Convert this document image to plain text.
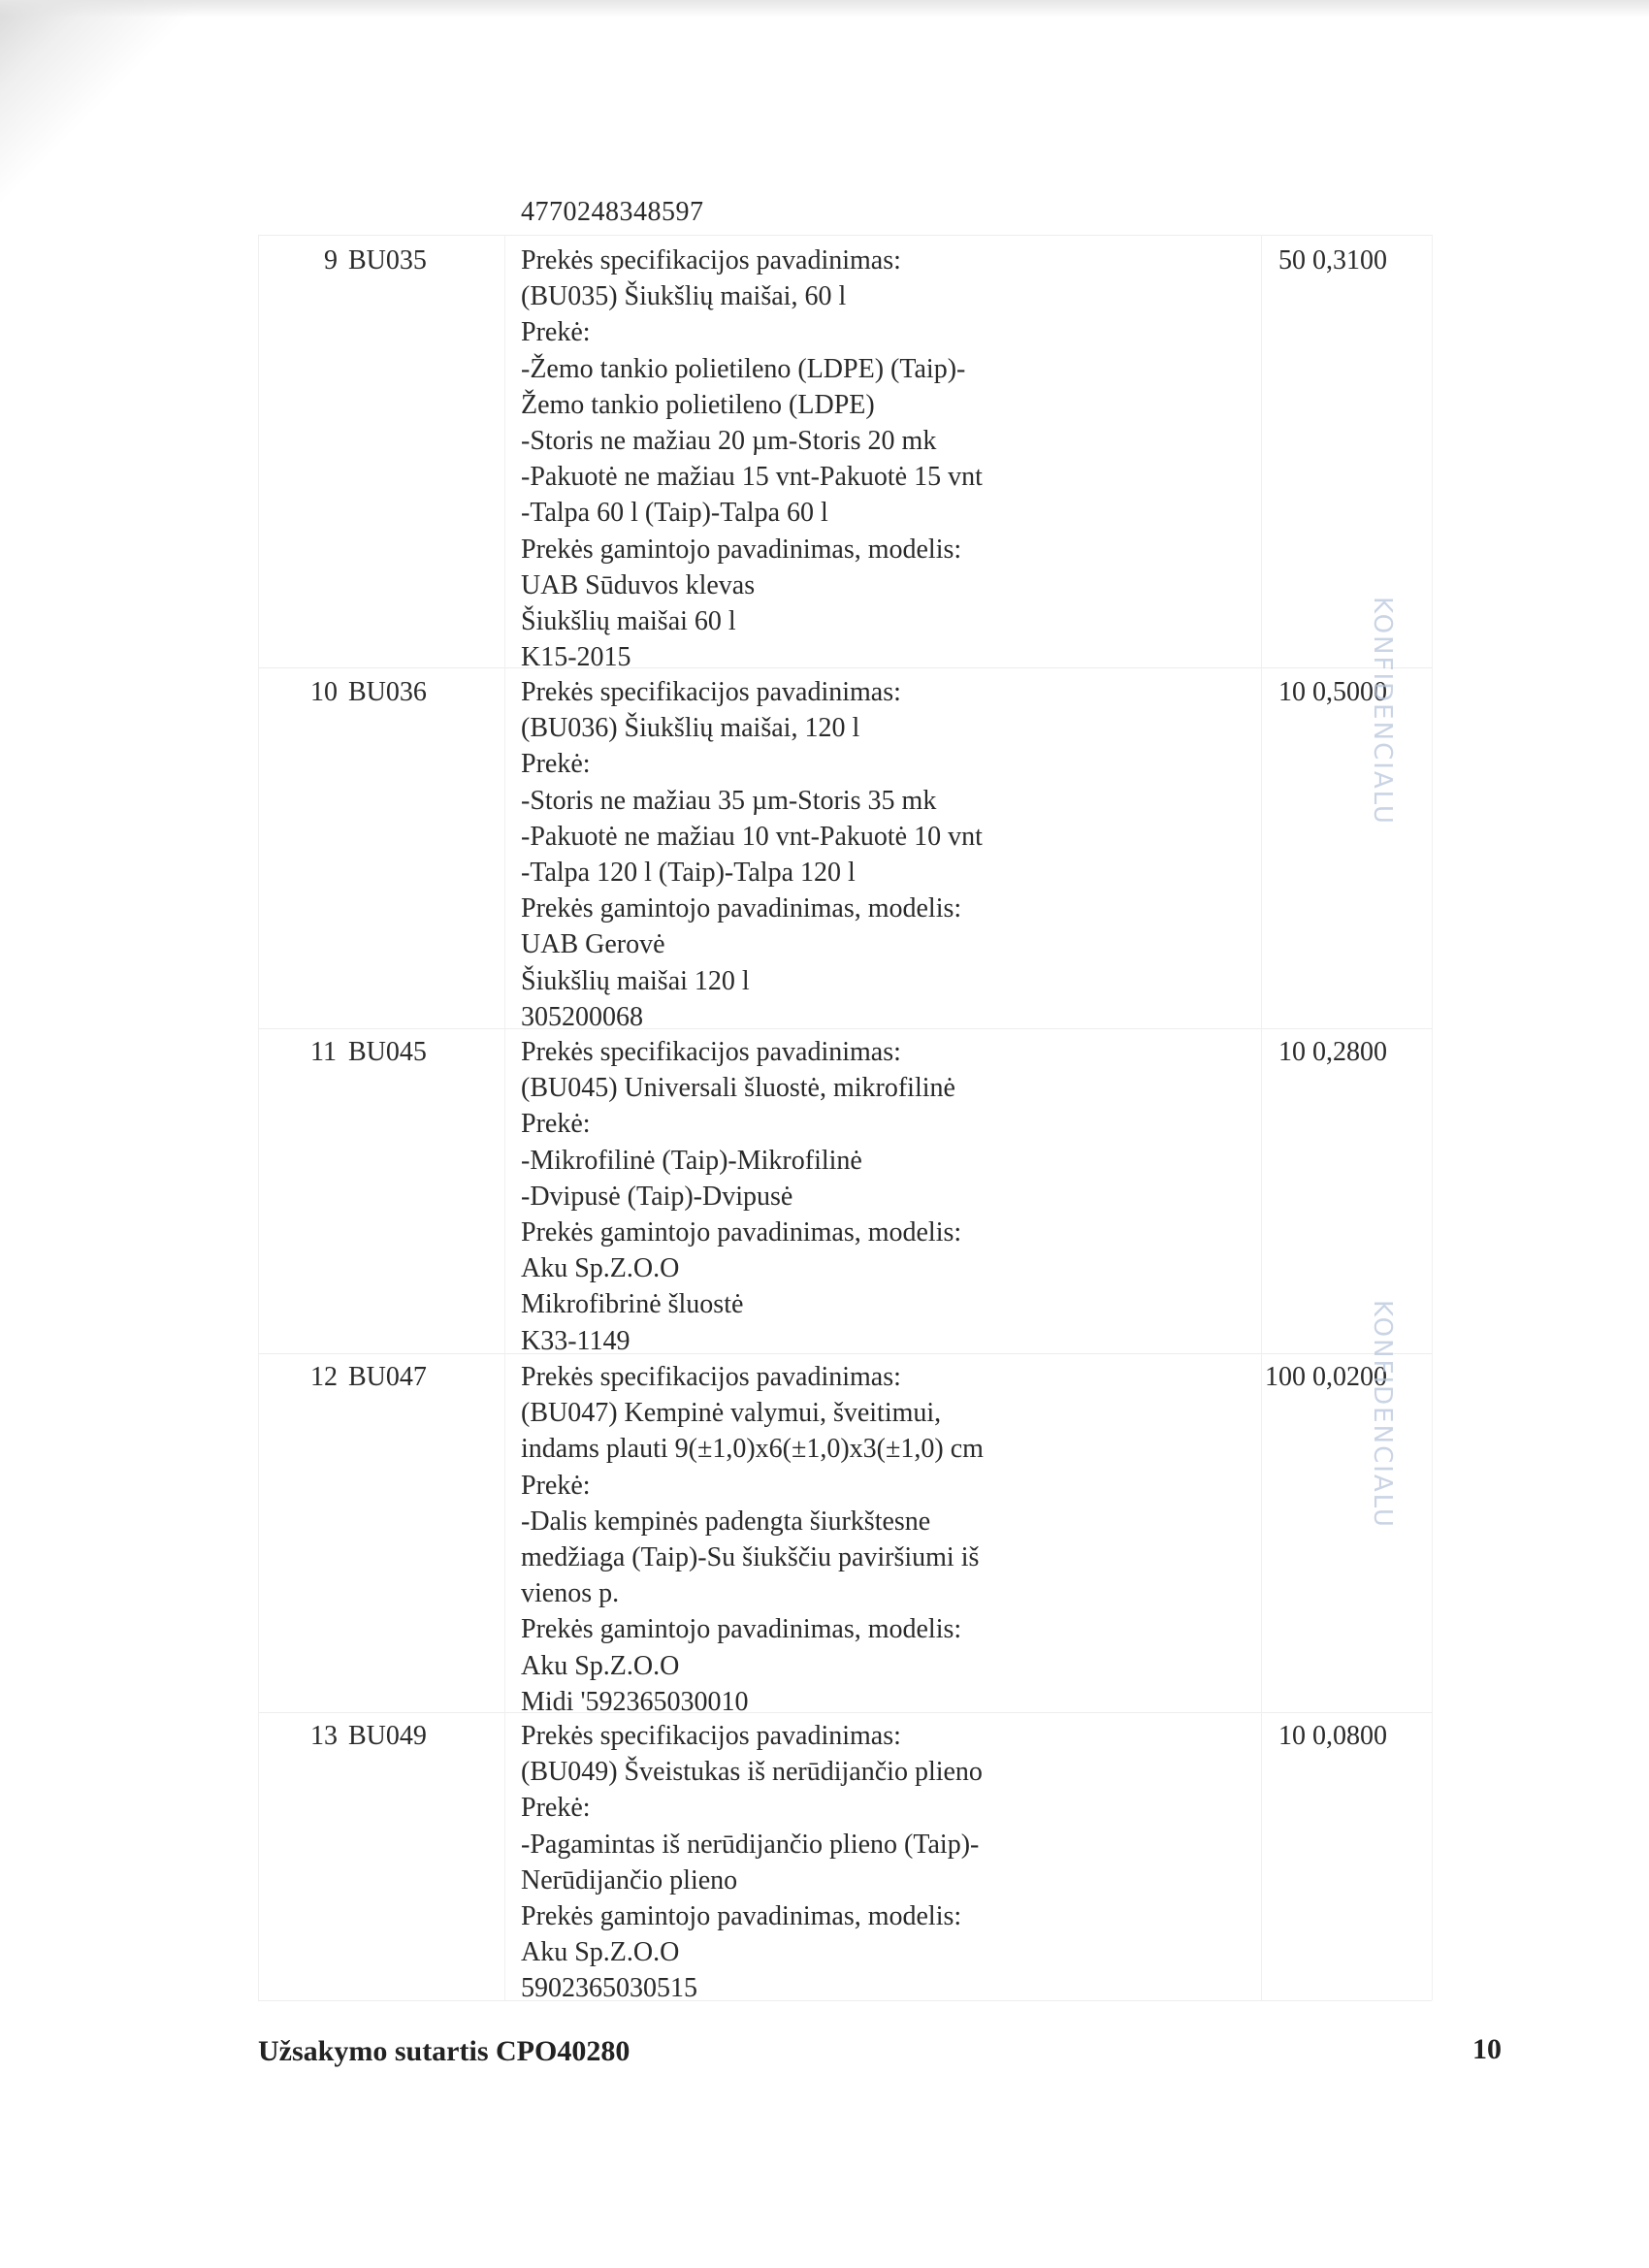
4770248348597
9 BU035	Prekės specifikacijos pavadinimas:
(BU035) Šiukšlių maišai, 60 l
Prekė:
-Žemo tankio polietileno (LDPE) (Taip)-
Žemo tankio polietileno (LDPE)
-Storis ne mažiau 20 µm-Storis 20 mk
-Pakuotė ne mažiau 15 vnt-Pakuotė 15 vnt
-Talpa 60 l (Taip)-Talpa 60 l
Prekės gamintojo pavadinimas, modelis:
UAB Sūduvos klevas
Šiukšlių maišai 60 l
K15-2015
50 0,3100
10 BU036	Prekės specifikacijos pavadinimas:
(BU036) Šiukšlių maišai, 120 l
Prekė:
-Storis ne mažiau 35 µm-Storis 35 mk
-Pakuotė ne mažiau 10 vnt-Pakuotė 10 vnt
-Talpa 120 l (Taip)-Talpa 120 l
Prekės gamintojo pavadinimas, modelis:
UAB Gerovė
Šiukšlių maišai 120 l
305200068
10 0,5000
11 BU045	Prekės specifikacijos pavadinimas:
(BU045) Universali šluostė, mikrofilinė
Prekė:
-Mikrofilinė (Taip)-Mikrofilinė
-Dvipusė (Taip)-Dvipusė
Prekės gamintojo pavadinimas, modelis:
Aku Sp.Z.O.O
Mikrofibrinė šluostė
K33-1149
10 0,2800
12 BU047	Prekės specifikacijos pavadinimas:
(BU047) Kempinė valymui, šveitimui,
indams plauti 9(±1,0)x6(±1,0)x3(±1,0) cm
Prekė:
-Dalis kempinės padengta šiurkštesne
medžiaga (Taip)-Su šiukščiu paviršiumi iš
vienos p.
Prekės gamintojo pavadinimas, modelis:
Aku Sp.Z.O.O
Midi '592365030010
100 0,0200
13 BU049	Prekės specifikacijos pavadinimas:
(BU049) Šveistukas iš nerūdijančio plieno
Prekė:
-Pagamintas iš nerūdijančio plieno (Taip)-
Nerūdijančio plieno
Prekės gamintojo pavadinimas, modelis:
Aku Sp.Z.O.O
5902365030515
10 0,0800
KONFIDENCIALU
KONFIDENCIALU
Užsakymo sutartis CPO40280	10
